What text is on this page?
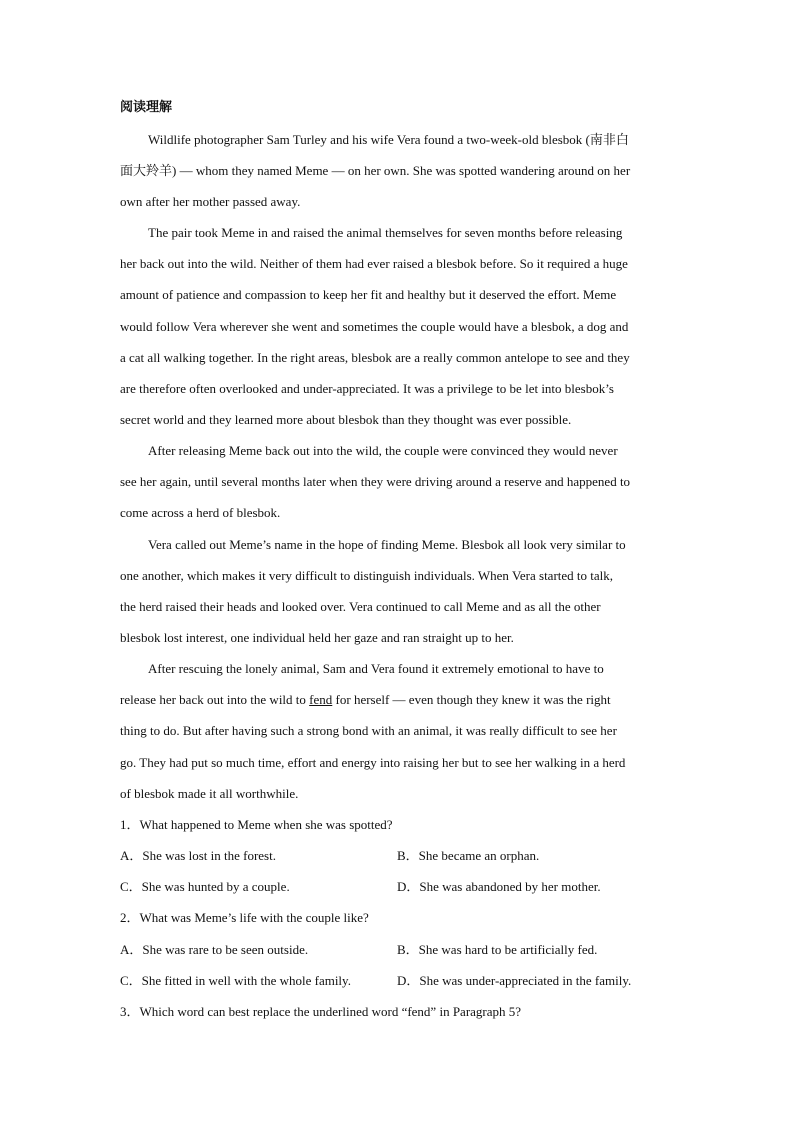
阅读理解
Wildlife photographer Sam Turley and his wife Vera found a two-week-old blesbok (南非白
面大羚羊) — whom they named Meme — on her own. She was spotted wandering around on her
own after her mother passed away.
The pair took Meme in and raised the animal themselves for seven months before releasing
her back out into the wild. Neither of them had ever raised a blesbok before. So it required a huge
amount of patience and compassion to keep her fit and healthy but it deserved the effort. Meme
would follow Vera wherever she went and sometimes the couple would have a blesbok, a dog and
a cat all walking together. In the right areas, blesbok are a really common antelope to see and they
are therefore often overlooked and under-appreciated. It was a privilege to be let into blesbok’s
secret world and they learned more about blesbok than they thought was ever possible.
After releasing Meme back out into the wild, the couple were convinced they would never
see her again, until several months later when they were driving around a reserve and happened to
come across a herd of blesbok.
Vera called out Meme’s name in the hope of finding Meme. Blesbok all look very similar to
one another, which makes it very difficult to distinguish individuals. When Vera started to talk,
the herd raised their heads and looked over. Vera continued to call Meme and as all the other
blesbok lost interest, one individual held her gaze and ran straight up to her.
After rescuing the lonely animal, Sam and Vera found it extremely emotional to have to
release her back out into the wild to fend for herself — even though they knew it was the right
thing to do. But after having such a strong bond with an animal, it was really difficult to see her
go. They had put so much time, effort and energy into raising her but to see her walking in a herd
of blesbok made it all worthwhile.
1．What happened to Meme when she was spotted?
A．She was lost in the forest.	B．She became an orphan.
C．She was hunted by a couple.	D．She was abandoned by her mother.
2．What was Meme’s life with the couple like?
A．She was rare to be seen outside.	B．She was hard to be artificially fed.
C．She fitted in well with the whole family.	D．She was under-appreciated in the family.
3．Which word can best replace the underlined word “fend” in Paragraph 5?
